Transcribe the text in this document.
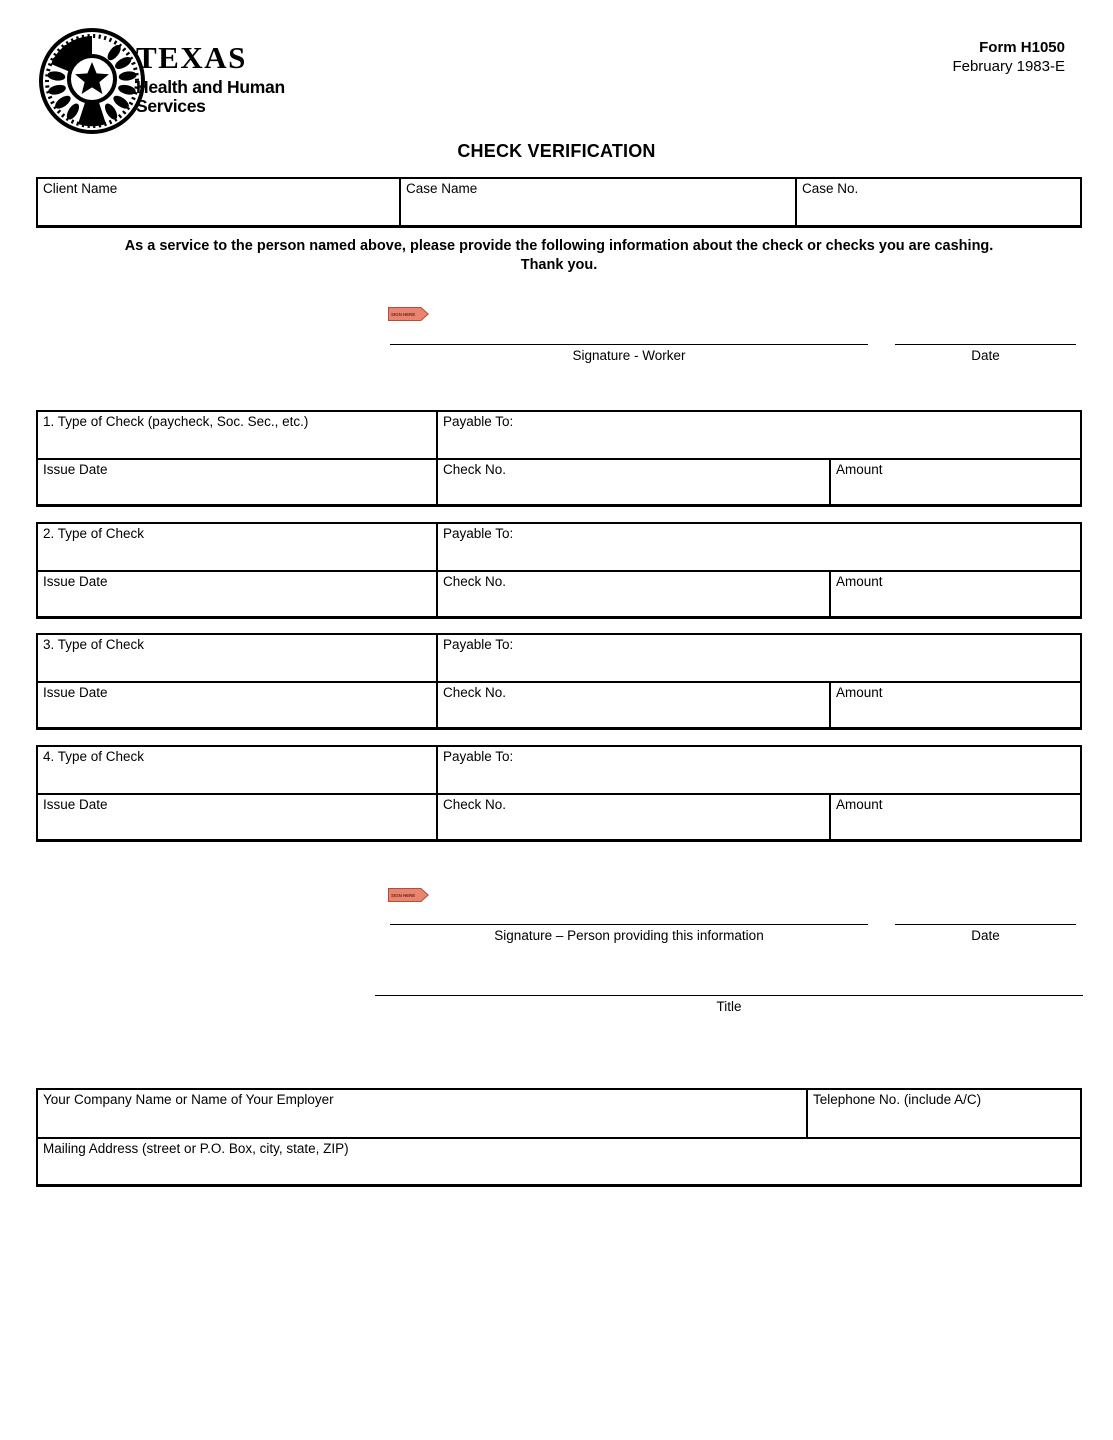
TEXAS
Health and Human
Services
Form H1050
February 1983-E
CHECK VERIFICATION
Client Name	Case Name	Case No.
As a service to the person named above, please provide the following information about the check or checks you are cashing.
Thank you.
SIGN HERE
Signature - Worker	Date
1. Type of Check (paycheck, Soc. Sec., etc.)	Payable To:
Issue Date	Check No.	Amount
2. Type of Check	Payable To:
Issue Date	Check No.	Amount
3. Type of Check	Payable To:
Issue Date	Check No.	Amount
4. Type of Check	Payable To:
Issue Date	Check No.	Amount
SIGN HERE
Signature – Person providing this information	Date
Title
Your Company Name or Name of Your Employer	Telephone No. (include A/C)
Mailing Address (street or P.O. Box, city, state, ZIP)
